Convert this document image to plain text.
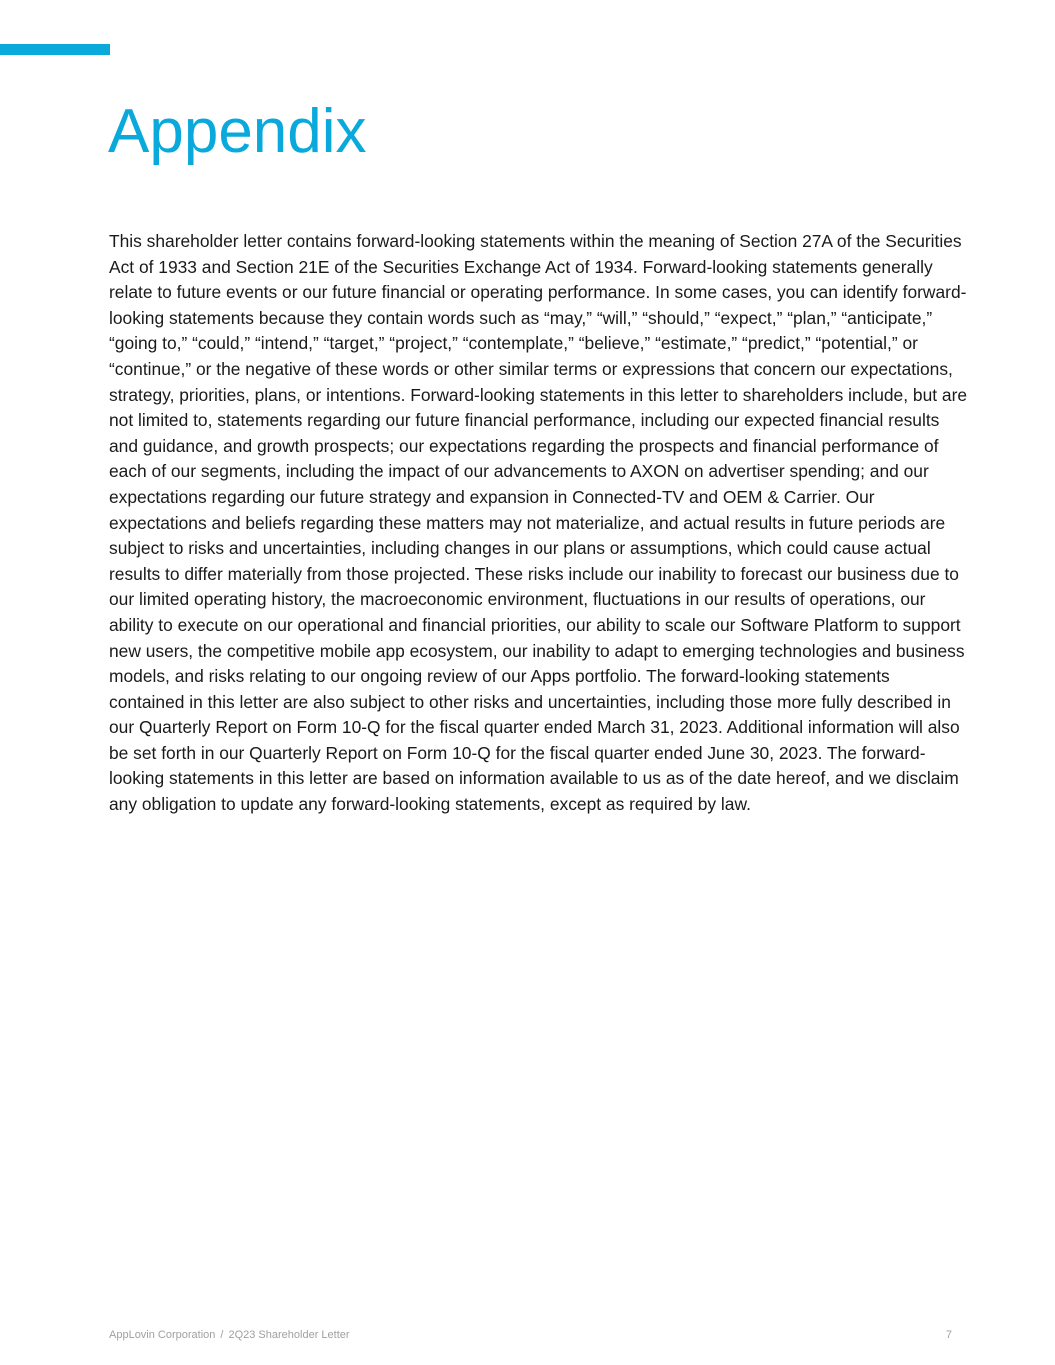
Appendix

This shareholder letter contains forward-looking statements within the meaning of Section 27A of the Securities Act of 1933 and Section 21E of the Securities Exchange Act of 1934. Forward-looking statements generally relate to future events or our future financial or operating performance. In some cases, you can identify forward-looking statements because they contain words such as “may,” “will,” “should,” “expect,” “plan,” “anticipate,” “going to,” “could,” “intend,” “target,” “project,” “contemplate,” “believe,” “estimate,” “predict,” “potential,” or “continue,” or the negative of these words or other similar terms or expressions that concern our expectations, strategy, priorities, plans, or intentions. Forward-looking statements in this letter to shareholders include, but are not limited to, statements regarding our future financial performance, including our expected financial results and guidance, and growth prospects; our expectations regarding the prospects and financial performance of each of our segments, including the impact of our advancements to AXON on advertiser spending; and our expectations regarding our future strategy and expansion in Connected-TV and OEM & Carrier. Our expectations and beliefs regarding these matters may not materialize, and actual results in future periods are subject to risks and uncertainties, including changes in our plans or assumptions, which could cause actual results to differ materially from those projected. These risks include our inability to forecast our business due to our limited operating history, the macroeconomic environment, fluctuations in our results of operations, our ability to execute on our operational and financial priorities, our ability to scale our Software Platform to support new users, the competitive mobile app ecosystem, our inability to adapt to emerging technologies and business models, and risks relating to our ongoing review of our Apps portfolio. The forward-looking statements contained in this letter are also subject to other risks and uncertainties, including those more fully described in our Quarterly Report on Form 10-Q for the fiscal quarter ended March 31, 2023. Additional information will also be set forth in our Quarterly Report on Form 10-Q for the fiscal quarter ended June 30, 2023. The forward-looking statements in this letter are based on information available to us as of the date hereof, and we disclaim any obligation to update any forward-looking statements, except as required by law.

AppLovin Corporation / 2Q23 Shareholder Letter	7
